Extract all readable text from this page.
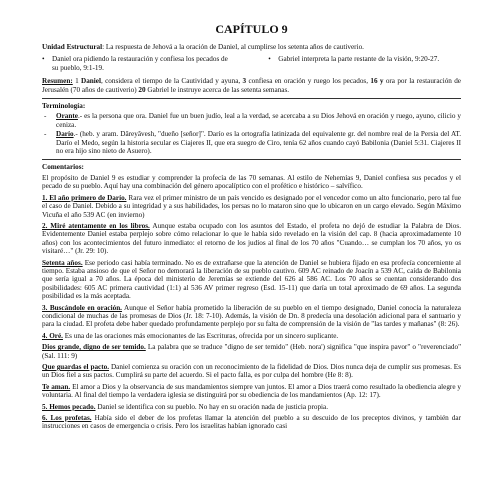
CAPÍTULO 9
Unidad Estructural: La respuesta de Jehová a la oración de Daniel, al cumplirse los setenta años de cautiverio.
•	Daniel ora pidiendo la restauración y confiesa los pecados de su pueblo, 9:1-19.
•	Gabriel interpreta la parte restante de la visión, 9:20-27.
Resumen: 1 Daniel, considera el tiempo de la Cautividad y ayuna, 3 confiesa en oración y ruego los pecados, 16 y ora por la restauración de Jerusalén (70 años de cautiverio) 20 Gabriel le instruye acerca de las setenta semanas.
Terminología:
-	Orante.- es la persona que ora. Daniel fue un buen judío, leal a la verdad, se acercaba a su Dios Jehová en oración y ruego, ayuno, cilicio y ceniza.
-	Darío.- (heb. y aram. Dâreyâvesh, "dueño [señor]". Darío es la ortografía latinizada del equivalente gr. del nombre real de la Persia del AT. Darío el Medo, según la historia secular es Ciajeres II, que era suegro de Ciro, tenía 62 años cuando cayó Babilonia (Daniel 5:31. Ciajeres II no era hijo sino nieto de Asuero).
Comentarios:
El propósito de Daniel 9 es estudiar y comprender la profecía de las 70 semanas. Al estilo de Nehemías 9, Daniel confiesa sus pecados y el pecado de su pueblo. Aquí hay una combinación del género apocalíptico con el profético e histórico – salvífico.
1. El año primero de Darío. Rara vez el primer ministro de un país vencido es designado por el vencedor como un alto funcionario, pero tal fue el caso de Daniel. Debido a su integridad y a sus habilidades, los persas no lo mataron sino que lo ubicaron en un cargo elevado. Según Máximo Vicuña el año 539 AC (en invierno)
2. Miré atentamente en los libros. Aunque estaba ocupado con los asuntos del Estado, el profeta no dejó de estudiar la Palabra de Dios. Evidentemente Daniel estaba perplejo sobre cómo relacionar lo que le había sido revelado en la visión del cap. 8 (hacia aproximadamente 10 años) con los acontecimientos del futuro inmediato: el retorno de los judíos al final de los 70 años "Cuando… se cumplan los 70 años, yo os visitaré…" (Jr. 29: 10).
Setenta años. Ese periodo casi había terminado. No es de extrañarse que la atención de Daniel se hubiera fijado en esa profecía concerniente al tiempo. Estaba ansioso de que el Señor no demorará la liberación de su pueblo cautivo. 609 AC reinado de Joacín a 539 AC, caída de Babilonia que sería igual a 70 años. La época del ministerio de Jeremías se extiende del 626 al 586 AC. Los 70 años se cuentan considerando dos posibilidades: 605 AC primera cautividad (1:1) al 536 AV primer regreso (Esd. 15-11) que daría un total aproximado de 69 años. La segunda posibilidad es la más aceptada.
3. Buscándole en oración. Aunque el Señor había prometido la liberación de su pueblo en el tiempo designado, Daniel conocía la naturaleza condicional de muchas de las promesas de Dios (Jr. 18: 7-10). Además, la visión de Dn. 8 predecía una desolación adicional para el santuario y para la ciudad. El profeta debe haber quedado profundamente perplejo por su falta de comprensión de la visión de "las tardes y mañanas" (8: 26).
4. Oré. Es una de las oraciones más emocionantes de las Escrituras, ofrecida por un sincero suplicante.
Dios grande, digno de ser temido. La palabra que se traduce "digno de ser temido" (Heb. nora') significa "que inspira pavor" o "reverenciado" (Sal. 111: 9)
Que guardas el pacto. Daniel comienza su oración con un reconocimiento de la fidelidad de Dios. Dios nunca deja de cumplir sus promesas. Es un Dios fiel a sus pactos. Cumplirá su parte del acuerdo. Si el pacto falla, es por culpa del hombre (He 8: 8).
Te aman. El amor a Dios y la observancia de sus mandamientos siempre van juntos. El amor a Dios traerá como resultado la obediencia alegre y voluntaria. Al final del tiempo la verdadera iglesia se distinguirá por su obediencia de los mandamientos (Ap. 12: 17).
5. Hemos pecado. Daniel se identifica con su pueblo. No hay en su oración nada de justicia propia.
6. Los profetas. Había sido el deber de los profetas llamar la atención del pueblo a su descuido de los preceptos divinos, y también dar instrucciones en casos de emergencia o crisis. Pero los israelitas habían ignorado casi
